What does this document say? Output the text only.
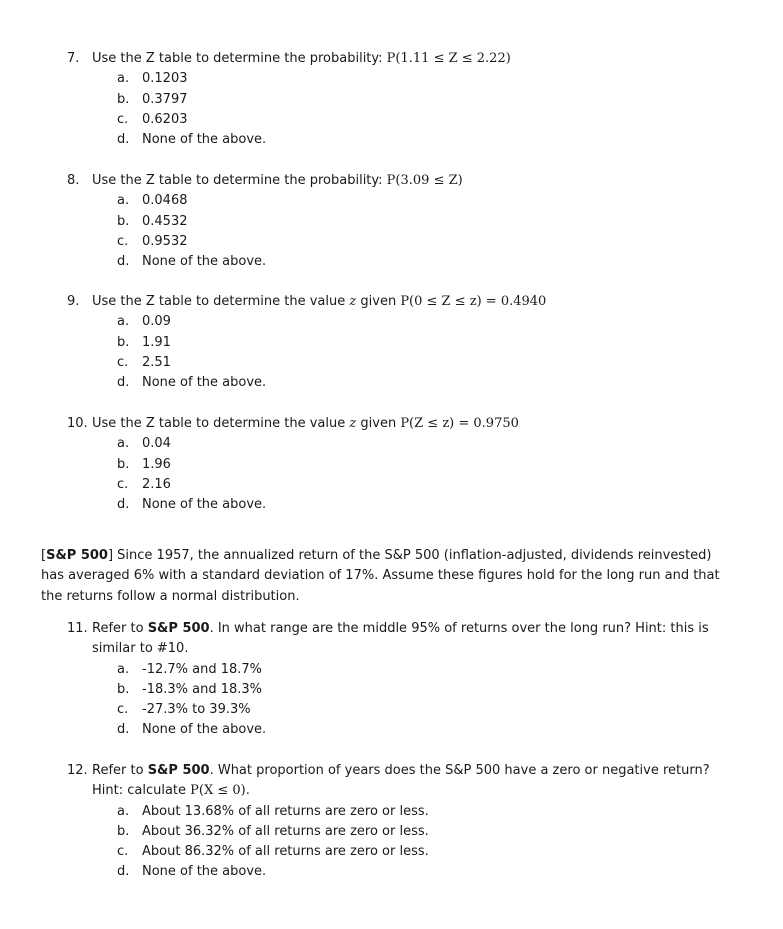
7. Use the Z table to determine the probability: P(1.11 ≤ Z ≤ 2.22)
a. 0.1203
b. 0.3797
c. 0.6203
d. None of the above.
8. Use the Z table to determine the probability: P(3.09 ≤ Z)
a. 0.0468
b. 0.4532
c. 0.9532
d. None of the above.
9. Use the Z table to determine the value z given P(0 ≤ Z ≤ z) = 0.4940
a. 0.09
b. 1.91
c. 2.51
d. None of the above.
10. Use the Z table to determine the value z given P(Z ≤ z) = 0.9750
a. 0.04
b. 1.96
c. 2.16
d. None of the above.
[S&P 500] Since 1957, the annualized return of the S&P 500 (inflation-adjusted, dividends reinvested)
has averaged 6% with a standard deviation of 17%. Assume these figures hold for the long run and that
the returns follow a normal distribution.
11. Refer to S&P 500. In what range are the middle 95% of returns over the long run? Hint: this is
similar to #10.
a. -12.7% and 18.7%
b. -18.3% and 18.3%
c. -27.3% to 39.3%
d. None of the above.
12. Refer to S&P 500. What proportion of years does the S&P 500 have a zero or negative return?
Hint: calculate P(X ≤ 0).
a. About 13.68% of all returns are zero or less.
b. About 36.32% of all returns are zero or less.
c. About 86.32% of all returns are zero or less.
d. None of the above.
